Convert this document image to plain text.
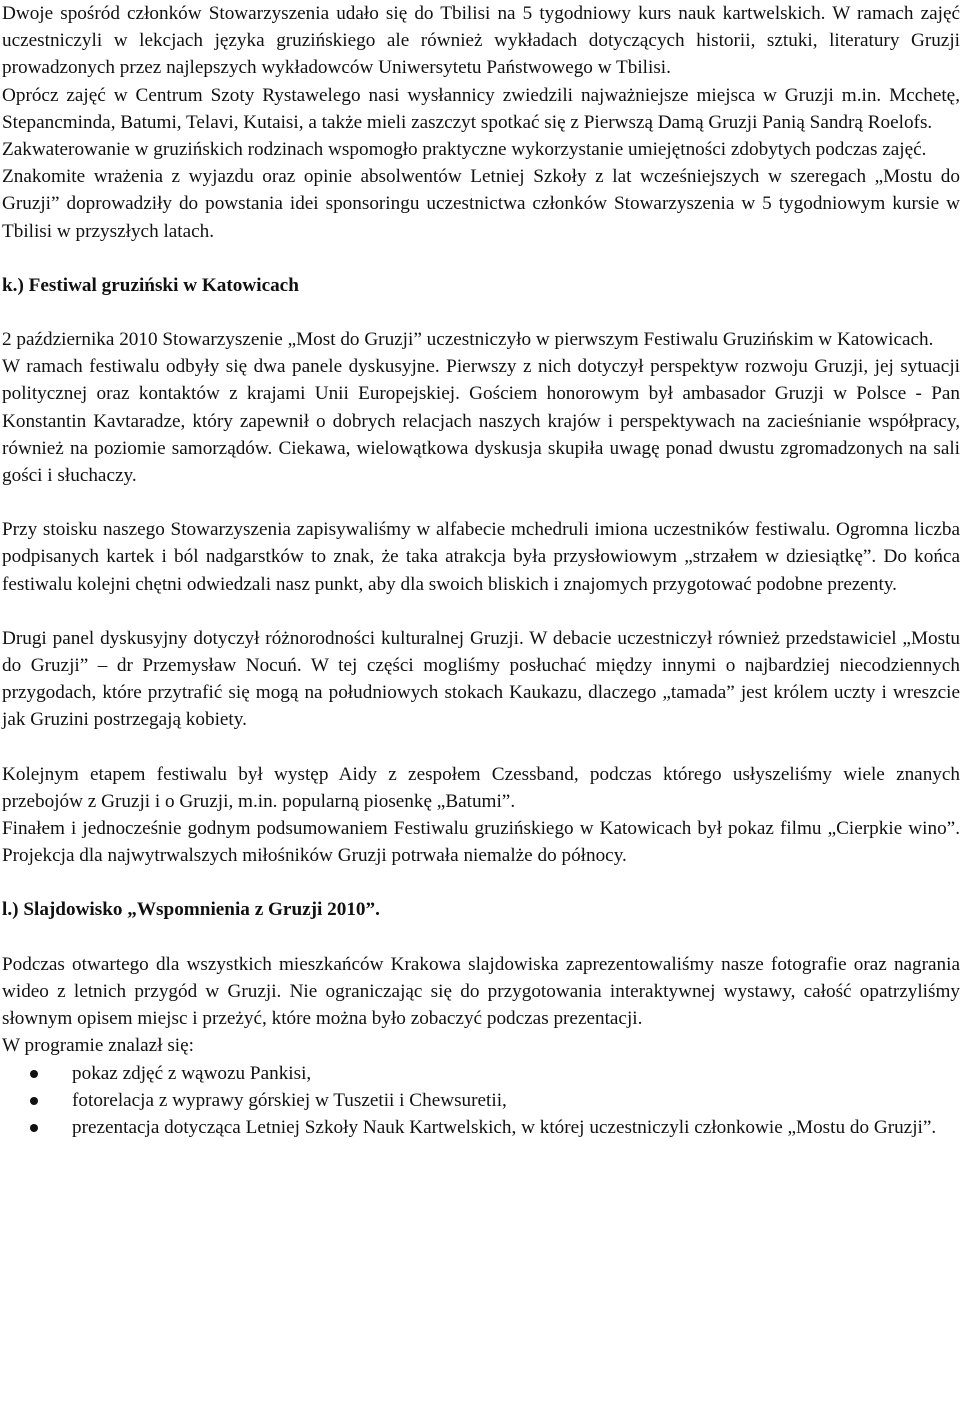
Dwoje spośród członków Stowarzyszenia udało się do Tbilisi na 5 tygodniowy kurs nauk kartwelskich. W ramach zajęć uczestniczyli w lekcjach języka gruzińskiego ale również wykładach dotyczących historii, sztuki, literatury Gruzji prowadzonych przez najlepszych wykładowców Uniwersytetu Państwowego w Tbilisi.

Oprócz zajęć w Centrum Szoty Rystawelego nasi wysłannicy zwiedzili najważniejsze miejsca w Gruzji m.in. Mcchetę, Stepancminda, Batumi, Telavi, Kutaisi, a także mieli zaszczyt spotkać się z Pierwszą Damą Gruzji Panią Sandrą Roelofs.

Zakwaterowanie w gruzińskich rodzinach wspomogło praktyczne wykorzystanie umiejętności zdobytych podczas zajęć.

Znakomite wrażenia z wyjazdu oraz opinie absolwentów Letniej Szkoły z lat wcześniejszych w szeregach „Mostu do Gruzji” doprowadziły do powstania idei sponsoringu uczestnictwa członków Stowarzyszenia w 5 tygodniowym kursie w Tbilisi w przyszłych latach.

k.) Festiwal gruziński w Katowicach

2 października 2010 Stowarzyszenie „Most do Gruzji” uczestniczyło w pierwszym Festiwalu Gruzińskim w Katowicach.

W ramach festiwalu odbyły się dwa panele dyskusyjne. Pierwszy z nich dotyczył perspektyw rozwoju Gruzji, jej sytuacji politycznej oraz kontaktów z krajami Unii Europejskiej. Gościem honorowym był ambasador Gruzji w Polsce - Pan Konstantin Kavtaradze, który zapewnił o dobrych relacjach naszych krajów i perspektywach na zacieśnianie współpracy, również na poziomie samorządów. Ciekawa, wielowątkowa dyskusja skupiła uwagę ponad dwustu zgromadzonych na sali gości i słuchaczy.

Przy stoisku naszego Stowarzyszenia zapisywaliśmy w alfabecie mchedruli imiona uczestników festiwalu. Ogromna liczba podpisanych kartek i ból nadgarstków to znak, że taka atrakcja była przysłowiowym „strzałem w dziesiątkę”. Do końca festiwalu kolejni chętni odwiedzali nasz punkt, aby dla swoich bliskich i znajomych przygotować podobne prezenty.

Drugi panel dyskusyjny dotyczył różnorodności kulturalnej Gruzji. W debacie uczestniczył również przedstawiciel „Mostu do Gruzji” – dr Przemysław Nocuń. W tej części mogliśmy posłuchać między innymi o najbardziej niecodziennych przygodach, które przytrafić się mogą na południowych stokach Kaukazu, dlaczego „tamada” jest królem uczty i wreszcie jak Gruzini postrzegają kobiety.

Kolejnym etapem festiwalu był występ Aidy z zespołem Czessband, podczas którego usłyszeliśmy wiele znanych przebojów z Gruzji i o Gruzji, m.in. popularną piosenkę „Batumi”.

Finałem i jednocześnie godnym podsumowaniem Festiwalu gruzińskiego w Katowicach był pokaz filmu „Cierpkie wino”. Projekcja dla najwytrwalszych miłośników Gruzji potrwała niemalże do północy.

l.) Slajdowisko „Wspomnienia z Gruzji 2010”.

Podczas otwartego dla wszystkich mieszkańców Krakowa slajdowiska zaprezentowaliśmy nasze fotografie oraz nagrania wideo z letnich przygód w Gruzji. Nie ograniczając się do przygotowania interaktywnej wystawy, całość opatrzyliśmy słownym opisem miejsc i przeżyć, które można było zobaczyć podczas prezentacji.

W programie znalazł się:

pokaz zdjęć z wąwozu Pankisi,
fotorelacja z wyprawy górskiej w Tuszetii i Chewsuretii,
prezentacja dotycząca Letniej Szkoły Nauk Kartwelskich, w której uczestniczyli członkowie „Mostu do Gruzji”.
